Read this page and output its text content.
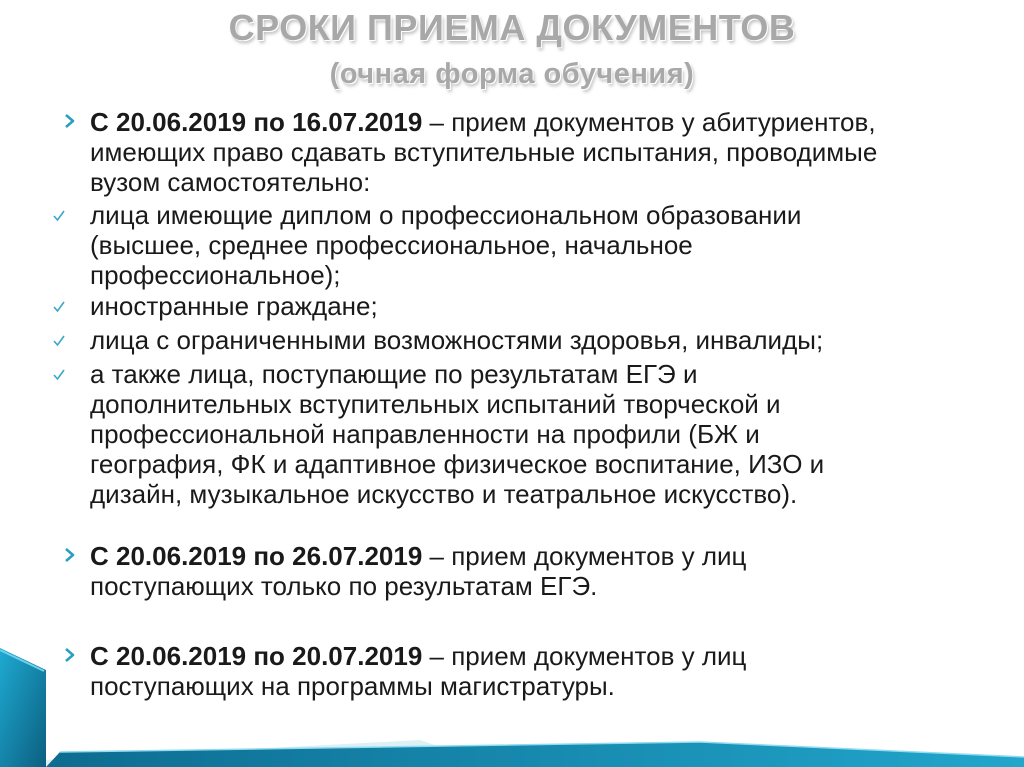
СРОКИ ПРИЕМА ДОКУМЕНТОВ
(очная форма обучения)
С 20.06.2019 по 16.07.2019 – прием документов у абитуриентов,
имеющих право сдавать вступительные испытания, проводимые
вузом самостоятельно:
лица имеющие диплом о профессиональном образовании
(высшее, среднее профессиональное, начальное
профессиональное);
иностранные граждане;
лица с ограниченными возможностями здоровья, инвалиды;
а также лица, поступающие по результатам ЕГЭ и
дополнительных вступительных испытаний творческой и
профессиональной направленности на профили (БЖ и
география, ФК и адаптивное физическое воспитание, ИЗО и
дизайн, музыкальное искусство и театральное искусство).
С 20.06.2019 по 26.07.2019 – прием документов у лиц
поступающих только по результатам ЕГЭ.
С 20.06.2019 по 20.07.2019 – прием документов у лиц
поступающих на программы магистратуры.
